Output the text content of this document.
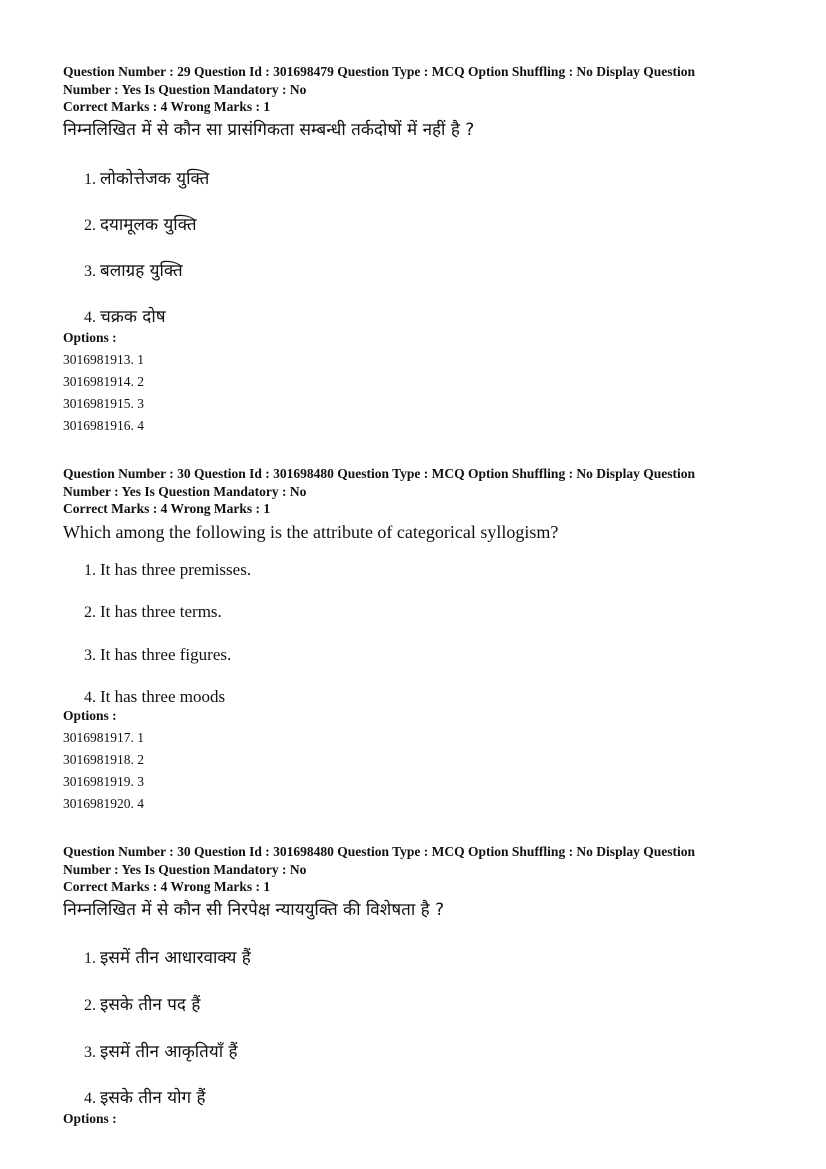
Question Number : 29 Question Id : 301698479 Question Type : MCQ Option Shuffling : No Display Question
Number : Yes Is Question Mandatory : No
Correct Marks : 4 Wrong Marks : 1
निम्नलिखित में से कौन सा प्रासंगिकता सम्बन्धी तर्कदोषों में नहीं है ?
1. लोकोत्तेजक युक्ति
2. दयामूलक युक्ति
3. बलाग्रह युक्ति
4. चक्रक दोष
Options :
3016981913. 1
3016981914. 2
3016981915. 3
3016981916. 4
Question Number : 30 Question Id : 301698480 Question Type : MCQ Option Shuffling : No Display Question
Number : Yes Is Question Mandatory : No
Correct Marks : 4 Wrong Marks : 1
Which among the following is the attribute of categorical syllogism?
1. It has three premisses.
2. It has three terms.
3. It has three figures.
4. It has three moods
Options :
3016981917. 1
3016981918. 2
3016981919. 3
3016981920. 4
Question Number : 30 Question Id : 301698480 Question Type : MCQ Option Shuffling : No Display Question
Number : Yes Is Question Mandatory : No
Correct Marks : 4 Wrong Marks : 1
निम्नलिखित में से कौन सी निरपेक्ष न्याययुक्ति की विशेषता है ?
1. इसमें तीन आधारवाक्य हैं
2. इसके तीन पद हैं
3. इसमें तीन आकृतियाँ हैं
4. इसके तीन योग हैं
Options :
